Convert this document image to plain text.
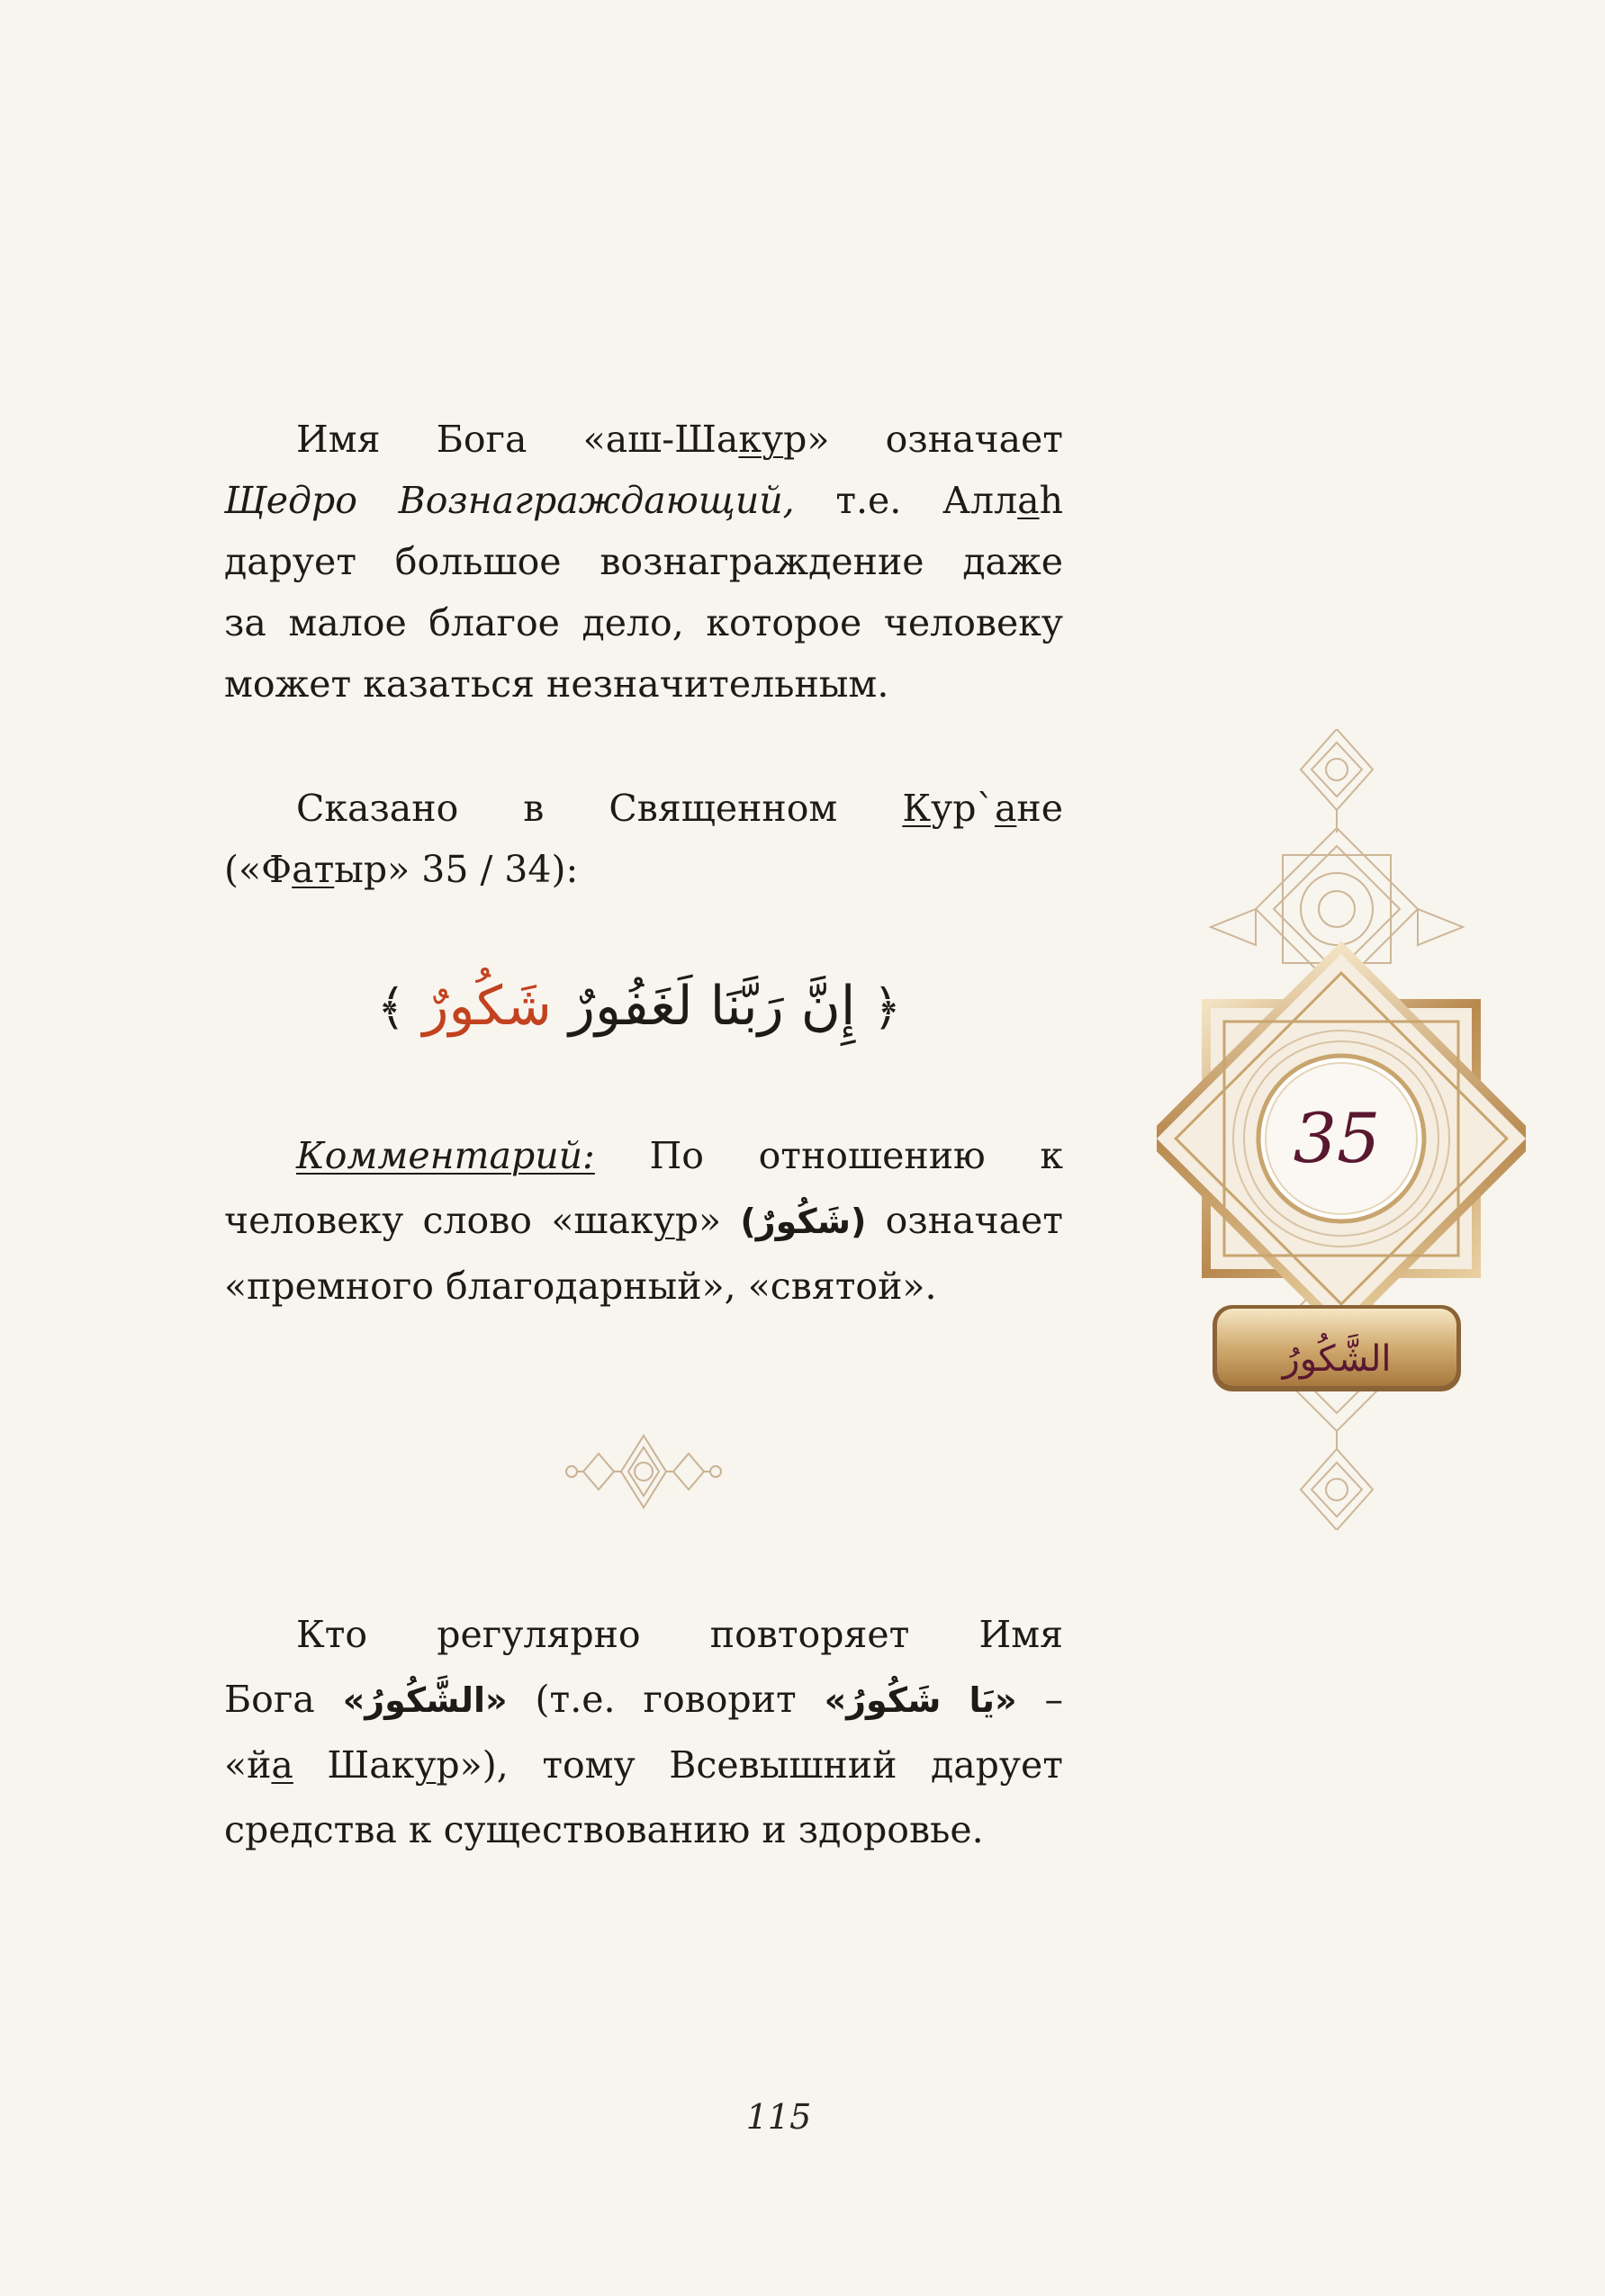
Имя Бога «аш-Шакур» означает
Щедро Вознаграждающий, т.е. Аллаh
дарует большое вознаграждение даже
за малое благое дело, которое человеку
может казаться незначительным.
Сказано в Священном Кур`ане
(«Фатыр» 35 / 34):
﴿ إِنَّ رَبَّنَا لَغَفُورٌ شَكُورٌ ﴾
Комментарий: По отношению к
человеку слово «шакур» (شَكُورٌ) означает
«премного благодарный», «святой».
Кто регулярно повторяет Имя
Бога «الشَّكُورُ» (т.е. говорит «يَا شَكُورُ» –
«йа Шакур»), тому Всевышний дарует
средства к существованию и здоровье.
35
الشَّكُورُ
115
